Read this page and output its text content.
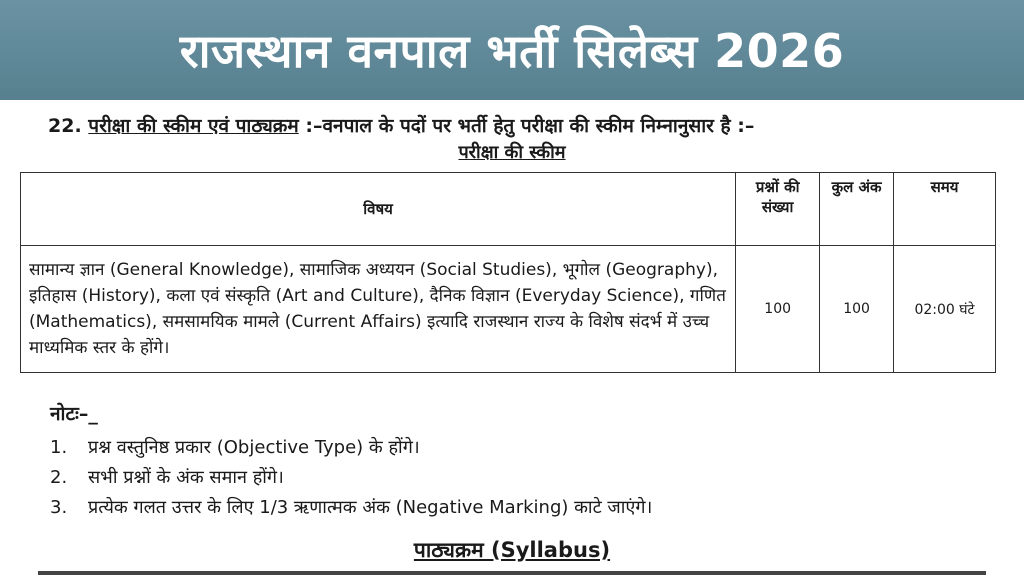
राजस्थान वनपाल भर्ती सिलेब्स 2026
22. परीक्षा की स्कीम एवं पाठ्यक्रम :–वनपाल के पदों पर भर्ती हेतु परीक्षा की स्कीम निम्नानुसार है :–
परीक्षा की स्कीम
विषय	प्रश्नों की संख्या	कुल अंक	समय
सामान्य ज्ञान (General Knowledge), सामाजिक अध्ययन (Social Studies), भूगोल (Geography), इतिहास (History), कला एवं संस्कृति (Art and Culture), दैनिक विज्ञान (Everyday Science), गणित (Mathematics), समसामयिक मामले (Current Affairs) इत्यादि राजस्थान राज्य के विशेष संदर्भ में उच्च माध्यमिक स्तर के होंगे।	100	100	02:00 घंटे
नोटः–_
1.	प्रश्न वस्तुनिष्ठ प्रकार (Objective Type) के होंगे।
2.	सभी प्रश्नों के अंक समान होंगे।
3.	प्रत्येक गलत उत्तर के लिए 1/3 ऋणात्मक अंक (Negative Marking) काटे जाएंगे।
पाठ्यक्रम (Syllabus)
